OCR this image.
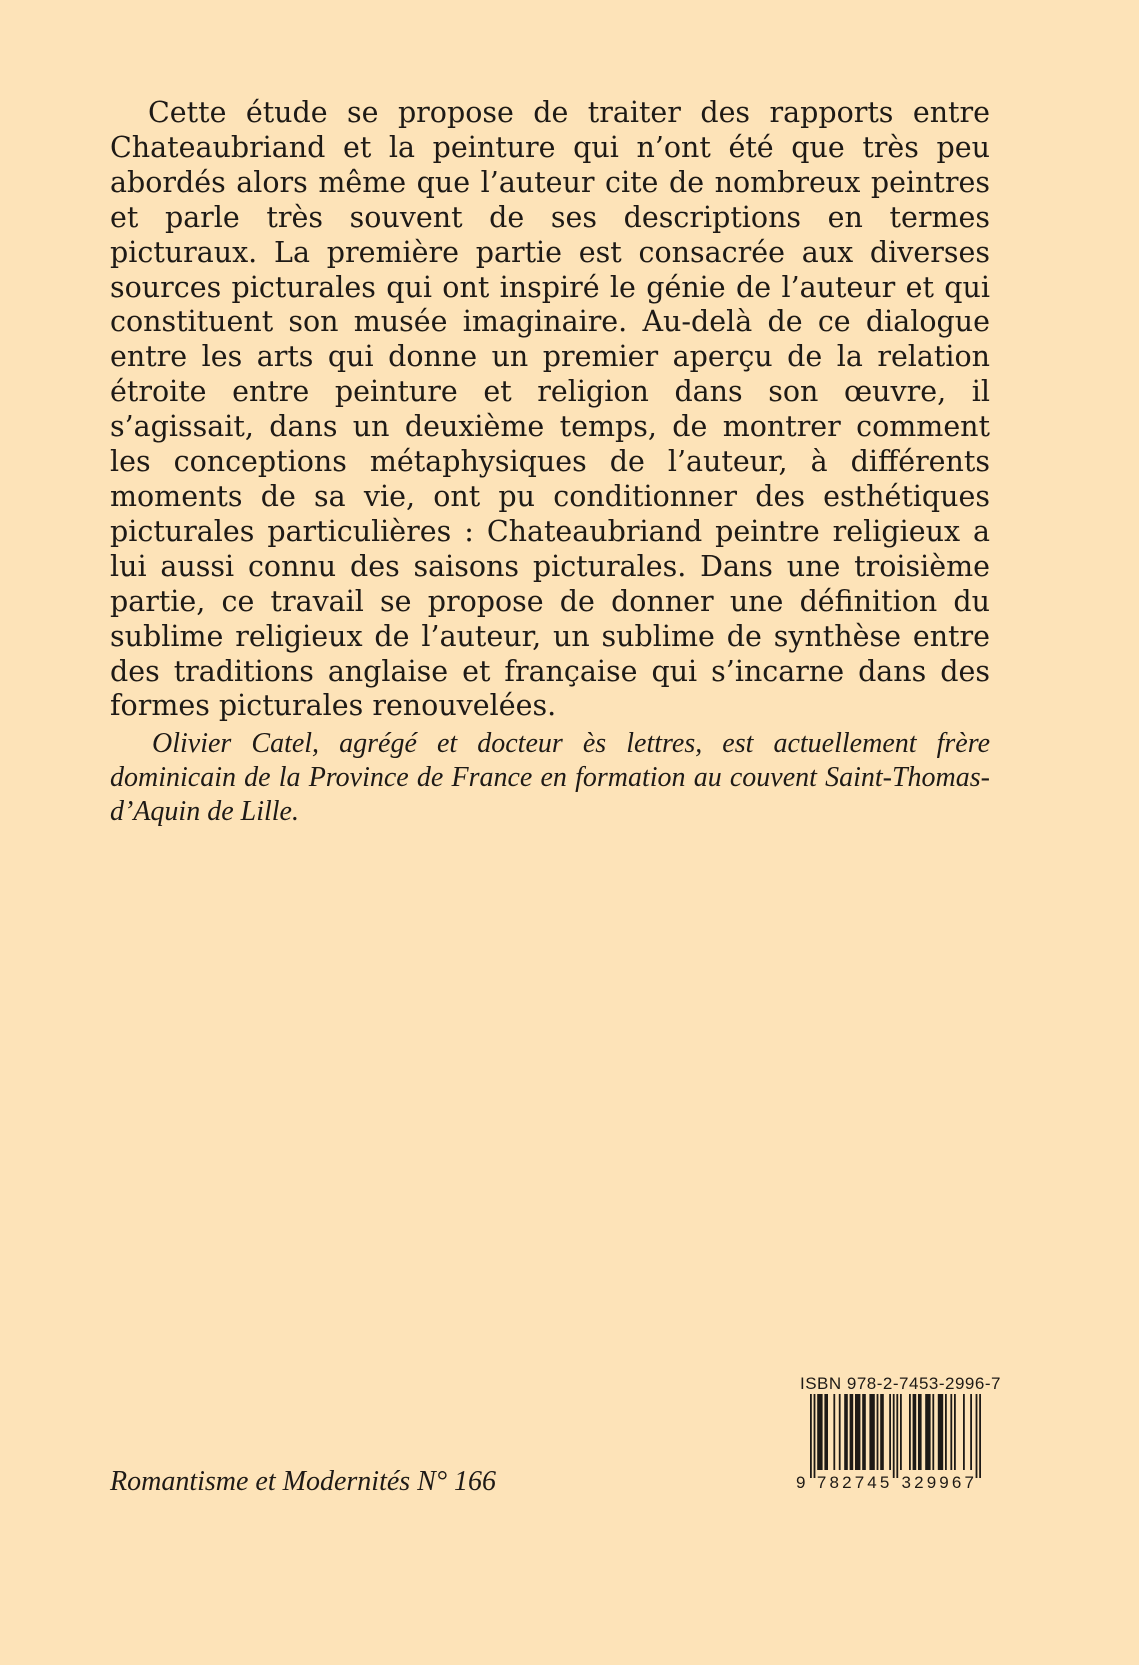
Cette étude se propose de traiter des rapports entre Chateaubriand et la peinture qui n’ont été que très peu abordés alors même que l’auteur cite de nombreux peintres et parle très souvent de ses descriptions en termes picturaux. La première partie est consacrée aux diverses sources picturales qui ont inspiré le génie de l’auteur et qui constituent son musée imaginaire. Au-delà de ce dialogue entre les arts qui donne un premier aperçu de la relation étroite entre peinture et religion dans son œuvre, il s’agissait, dans un deuxième temps, de montrer comment les conceptions métaphysiques de l’auteur, à différents moments de sa vie, ont pu conditionner des esthétiques picturales particulières : Chateaubriand peintre religieux a lui aussi connu des saisons picturales. Dans une troisième partie, ce travail se propose de donner une définition du sublime religieux de l’auteur, un sublime de synthèse entre des traditions anglaise et française qui s’incarne dans des formes picturales renouvelées.

Olivier Catel, agrégé et docteur ès lettres, est actuellement frère dominicain de la Province de France en formation au couvent Saint-Thomas-d’Aquin de Lille.

Romantisme et Modernités N° 166
ISBN 978-2-7453-2996-7
9 7 8 2 7 4 5 3 2 9 9 6 7
